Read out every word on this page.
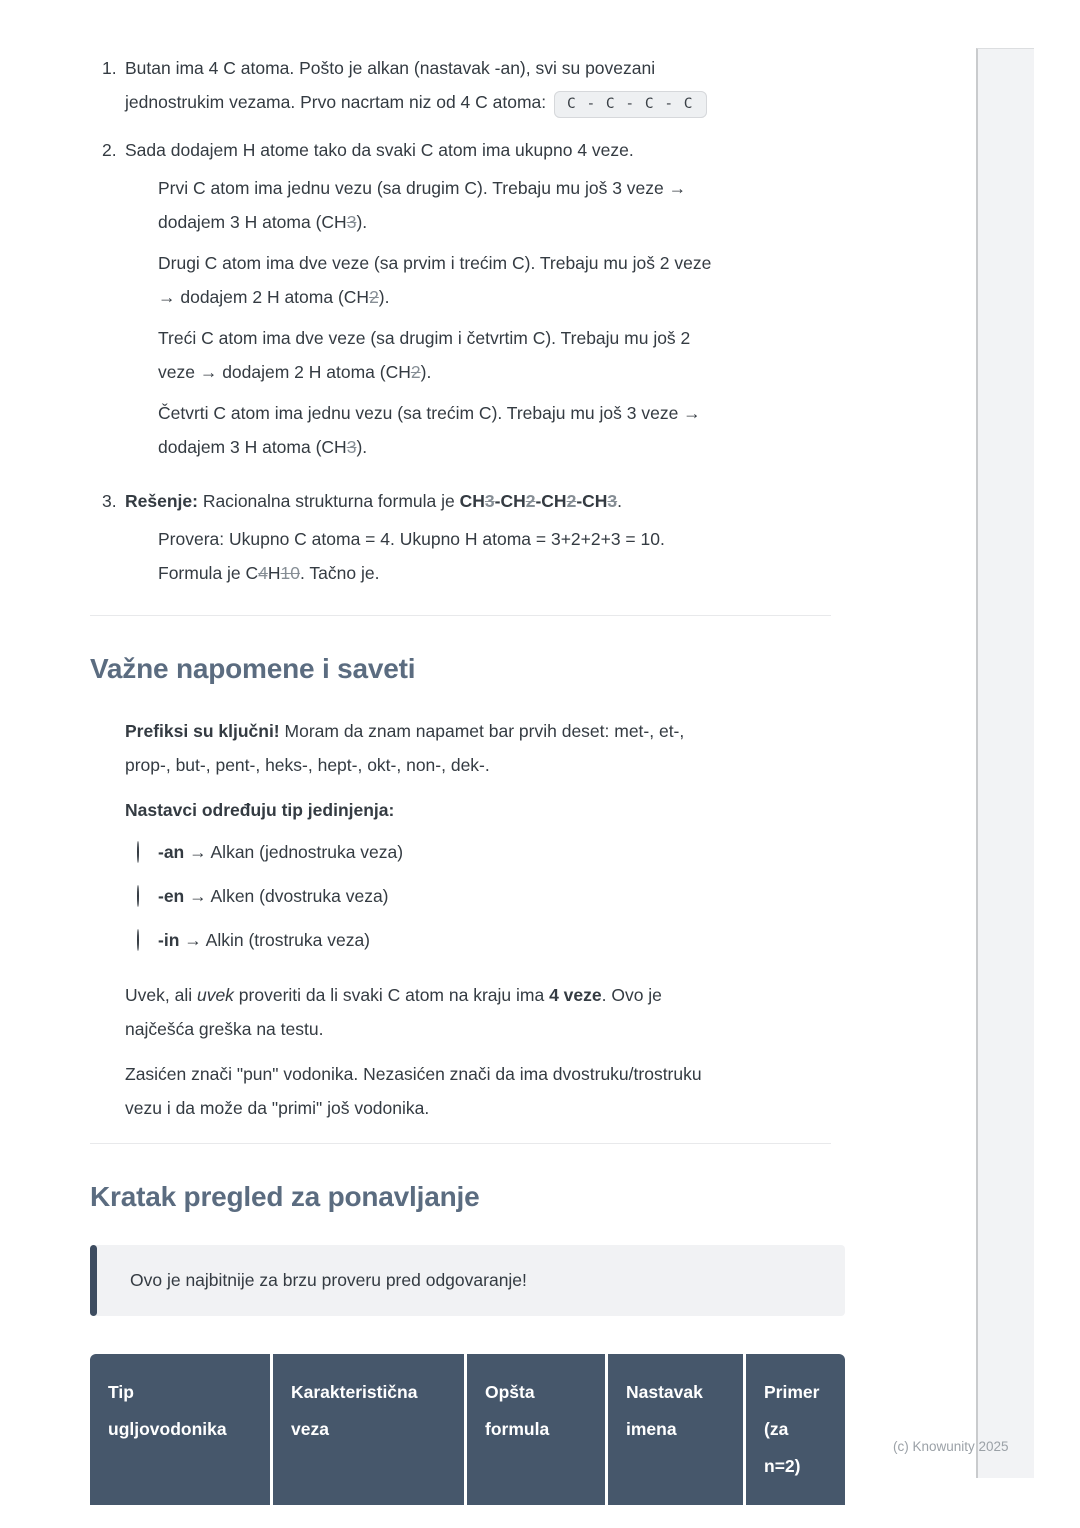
1. Butan ima 4 C atoma. Pošto je alkan (nastavak -an), svi su povezani
jednostrukim vezama. Prvo nacrtam niz od 4 C atoma: C - C - C - C
2. Sada dodajem H atome tako da svaki C atom ima ukupno 4 veze.
Prvi C atom ima jednu vezu (sa drugim C). Trebaju mu još 3 veze →
dodajem 3 H atoma (CH3).
Drugi C atom ima dve veze (sa prvim i trećim C). Trebaju mu još 2 veze
→ dodajem 2 H atoma (CH2).
Treći C atom ima dve veze (sa drugim i četvrtim C). Trebaju mu još 2
veze → dodajem 2 H atoma (CH2).
Četvrti C atom ima jednu vezu (sa trećim C). Trebaju mu još 3 veze →
dodajem 3 H atoma (CH3).
3. Rešenje: Racionalna strukturna formula je CH3-CH2-CH2-CH3.
Provera: Ukupno C atoma = 4. Ukupno H atoma = 3+2+2+3 = 10.
Formula je C4H10. Tačno je.
Važne napomene i saveti
Prefiksi su ključni! Moram da znam napamet bar prvih deset: met-, et-,
prop-, but-, pent-, heks-, hept-, okt-, non-, dek-.
Nastavci određuju tip jedinjenja:
-an → Alkan (jednostruka veza)
-en → Alken (dvostruka veza)
-in → Alkin (trostruka veza)
Uvek, ali uvek proveriti da li svaki C atom na kraju ima 4 veze. Ovo je
najčešća greška na testu.
Zasićen znači "pun" vodonika. Nezasićen znači da ima dvostruku/trostruku
vezu i da može da "primi" još vodonika.
Kratak pregled za ponavljanje
Ovo je najbitnije za brzu proveru pred odgovaranje!
Tip ugljovodonika	Karakteristična veza	Opšta formula	Nastavak imena	Primer (za n=2)
(c) Knowunity 2025
